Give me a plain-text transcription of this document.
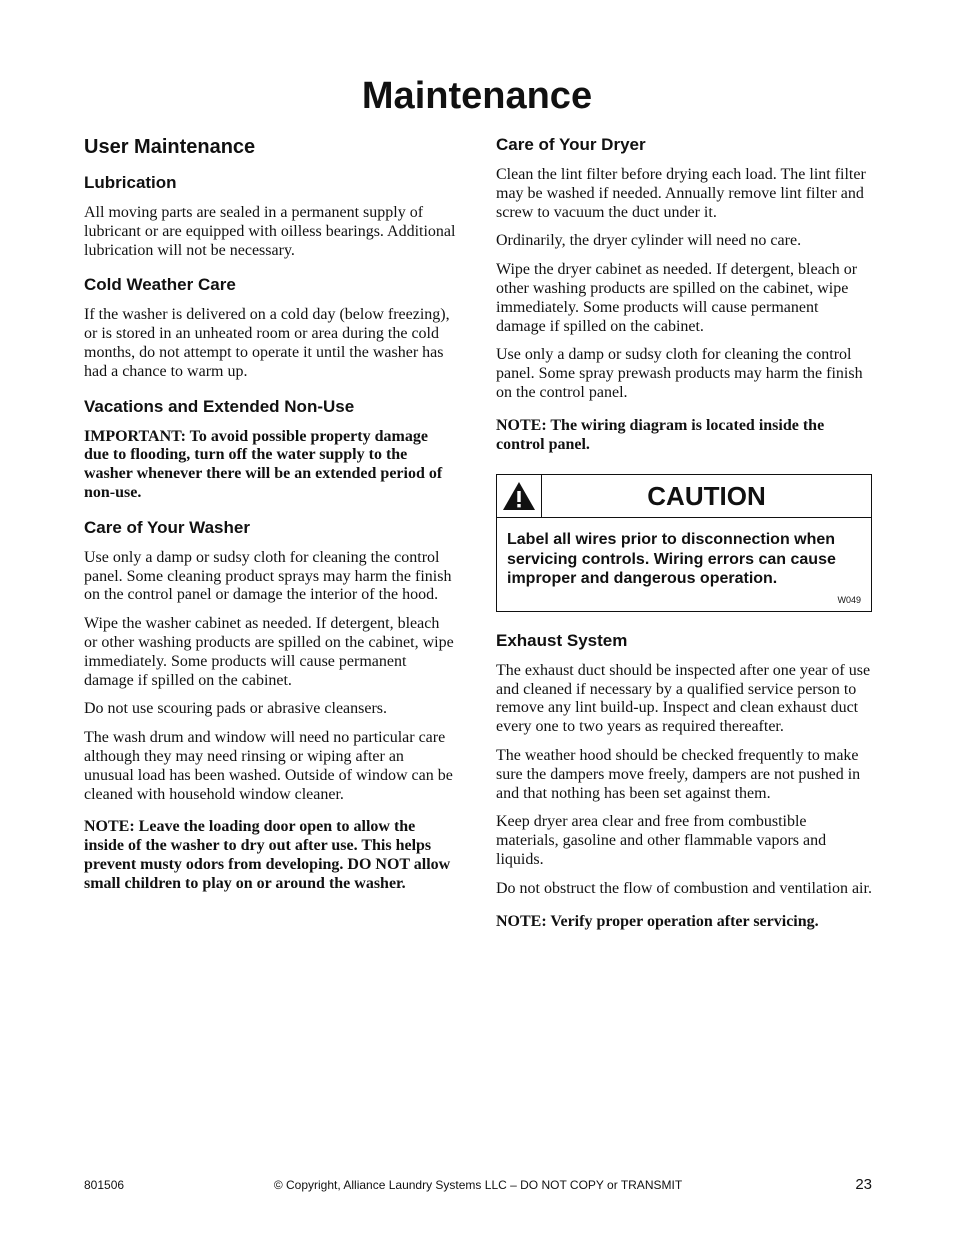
Maintenance
User Maintenance
Lubrication

All moving parts are sealed in a permanent supply of lubricant or are equipped with oilless bearings. Additional lubrication will not be necessary.

Cold Weather Care

If the washer is delivered on a cold day (below freezing), or is stored in an unheated room or area during the cold months, do not attempt to operate it until the washer has had a chance to warm up.

Vacations and Extended Non-Use

IMPORTANT: To avoid possible property damage due to flooding, turn off the water supply to the washer whenever there will be an extended period of non-use.

Care of Your Washer

Use only a damp or sudsy cloth for cleaning the control panel. Some cleaning product sprays may harm the finish on the control panel or damage the interior of the hood.

Wipe the washer cabinet as needed. If detergent, bleach or other washing products are spilled on the cabinet, wipe immediately. Some products will cause permanent damage if spilled on the cabinet.

Do not use scouring pads or abrasive cleansers.

The wash drum and window will need no particular care although they may need rinsing or wiping after an unusual load has been washed. Outside of window can be cleaned with household window cleaner.

NOTE: Leave the loading door open to allow the inside of the washer to dry out after use. This helps prevent musty odors from developing. DO NOT allow small children to play on or around the washer.

Care of Your Dryer

Clean the lint filter before drying each load. The lint filter may be washed if needed. Annually remove lint filter and screw to vacuum the duct under it.

Ordinarily, the dryer cylinder will need no care.

Wipe the dryer cabinet as needed. If detergent, bleach or other washing products are spilled on the cabinet, wipe immediately. Some products will cause permanent damage if spilled on the cabinet.

Use only a damp or sudsy cloth for cleaning the control panel. Some spray prewash products may harm the finish on the control panel.

NOTE: The wiring diagram is located inside the control panel.

CAUTION

Label all wires prior to disconnection when servicing controls. Wiring errors can cause improper and dangerous operation.

W049
Exhaust System

The exhaust duct should be inspected after one year of use and cleaned if necessary by a qualified service person to remove any lint build-up. Inspect and clean exhaust duct every one to two years as required thereafter.

The weather hood should be checked frequently to make sure the dampers move freely, dampers are not pushed in and that nothing has been set against them.

Keep dryer area clear and free from combustible materials, gasoline and other flammable vapors and liquids.

Do not obstruct the flow of combustion and ventilation air.

NOTE: Verify proper operation after servicing.

801506	© Copyright, Alliance Laundry Systems LLC – DO NOT COPY or TRANSMIT	23
